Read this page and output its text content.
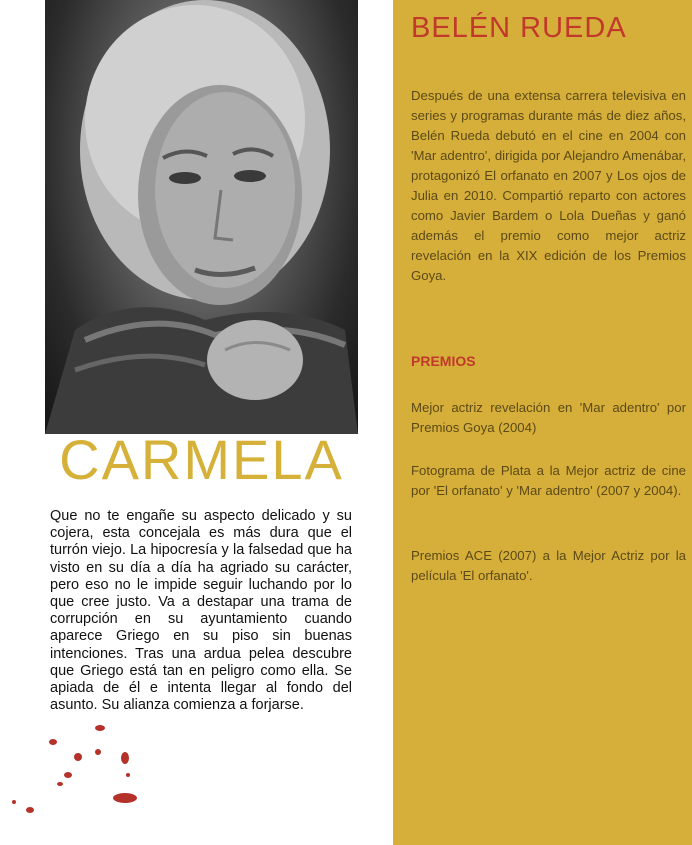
CARMELA
Que no te engañe su aspecto delicado y su cojera, esta concejala es más dura que el turrón viejo. La hipocresía y la falsedad que ha visto en su día a día ha agriado su carácter, pero eso no le impide seguir luchando por lo que cree justo. Va a destapar una trama de corrupción en su ayuntamiento cuando aparece Griego en su piso sin buenas intenciones. Tras una ardua pelea descubre que Griego está tan en peligro como ella. Se apiada de él e intenta llegar al fondo del asunto. Su alianza comienza a forjarse.
BELÉN RUEDA
Después de una extensa carrera televisiva en series y programas durante más de diez años, Belén Rueda debutó en el cine en 2004 con 'Mar adentro', dirigida por Alejandro Amenábar, protagonizó El orfanato en 2007 y Los ojos de Julia en 2010. Compartió reparto con actores como Javier Bardem o Lola Dueñas y ganó además el premio como mejor actriz revelación en la XIX edición de los Premios Goya.
PREMIOS
Mejor actriz revelación en 'Mar adentro' por Premios Goya (2004)
Fotograma de Plata a la Mejor actriz de cine por 'El orfanato' y 'Mar adentro' (2007 y 2004).
Premios ACE (2007) a la Mejor Actriz por la película 'El orfanato'.
